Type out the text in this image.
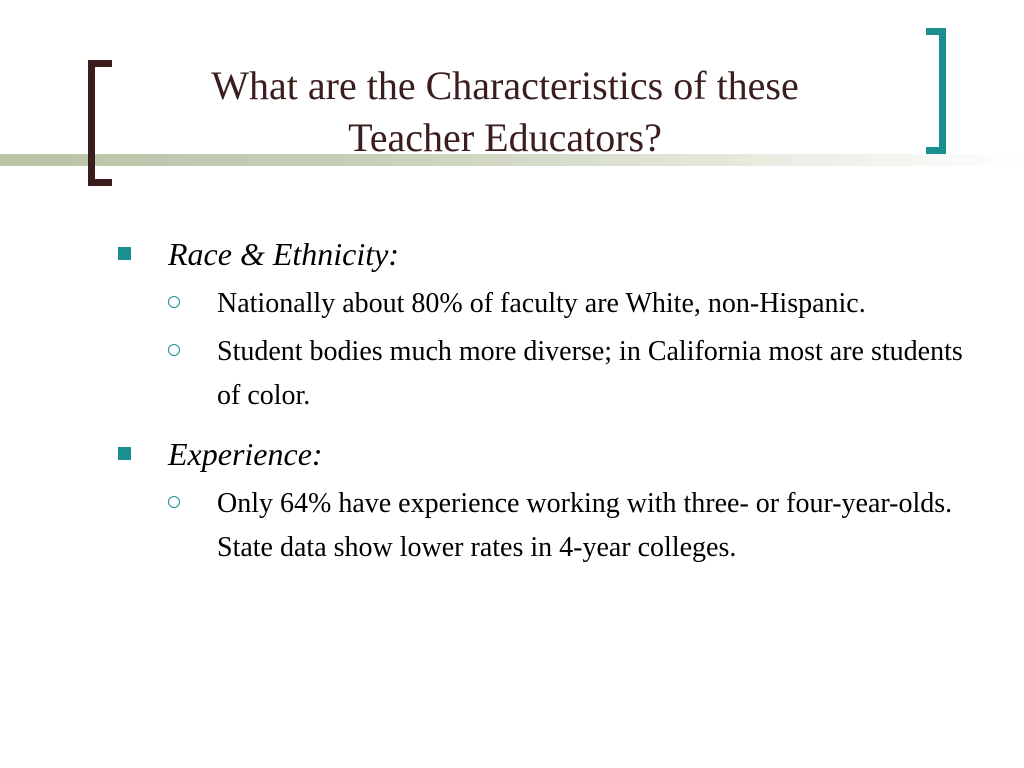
What are the Characteristics of these Teacher Educators?
Race & Ethnicity:
Nationally about 80% of faculty are White, non-Hispanic.
Student bodies much more diverse; in California most are students of color.
Experience:
Only 64% have experience working with three- or four-year-olds. State data show lower rates in 4-year colleges.
